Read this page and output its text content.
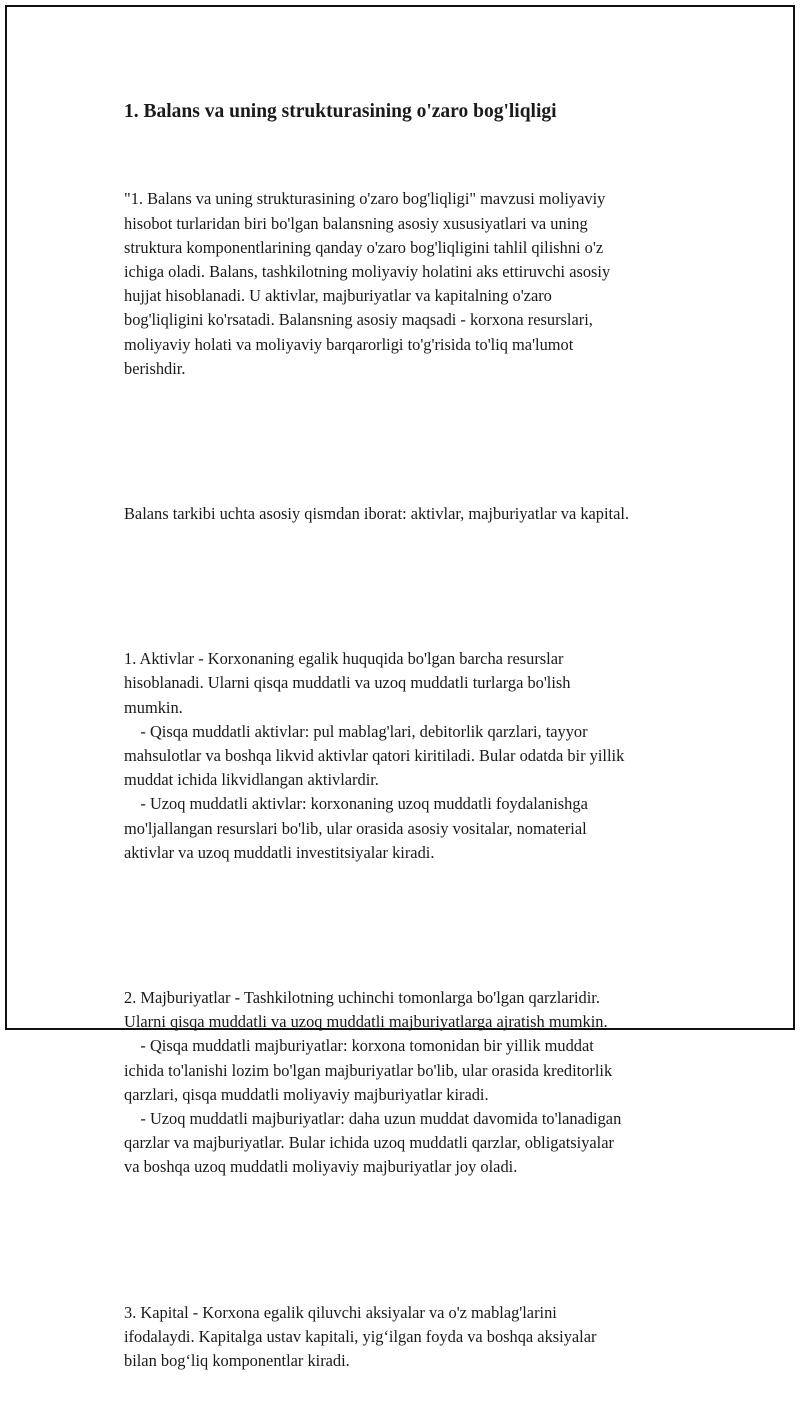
1. Balans va uning strukturasining o'zaro bog'liqligi

"1. Balans va uning strukturasining o'zaro bog'liqligi" mavzusi moliyaviy
hisobot turlaridan biri bo'lgan balansning asosiy xususiyatlari va uning
struktura komponentlarining qanday o'zaro bog'liqligini tahlil qilishni o'z
ichiga oladi. Balans, tashkilotning moliyaviy holatini aks ettiruvchi asosiy
hujjat hisoblanadi. U aktivlar, majburiyatlar va kapitalning o'zaro
bog'liqligini ko'rsatadi. Balansning asosiy maqsadi - korxona resurslari,
moliyaviy holati va moliyaviy barqarorligi to'g'risida to'liq ma'lumot
berishdir.

Balans tarkibi uchta asosiy qismdan iborat: aktivlar, majburiyatlar va kapital.

1. Aktivlar - Korxonaning egalik huquqida bo'lgan barcha resurslar
hisoblanadi. Ularni qisqa muddatli va uzoq muddatli turlarga bo'lish
mumkin.
- Qisqa muddatli aktivlar: pul mablag'lari, debitorlik qarzlari, tayyor
mahsulotlar va boshqa likvid aktivlar qatori kiritiladi. Bular odatda bir yillik
muddat ichida likvidlangan aktivlardir.
- Uzoq muddatli aktivlar: korxonaning uzoq muddatli foydalanishga
mo'ljallangan resurslari bo'lib, ular orasida asosiy vositalar, nomaterial
aktivlar va uzoq muddatli investitsiyalar kiradi.

2. Majburiyatlar - Tashkilotning uchinchi tomonlarga bo'lgan qarzlaridir.
Ularni qisqa muddatli va uzoq muddatli majburiyatlarga ajratish mumkin.
- Qisqa muddatli majburiyatlar: korxona tomonidan bir yillik muddat
ichida to'lanishi lozim bo'lgan majburiyatlar bo'lib, ular orasida kreditorlik
qarzlari, qisqa muddatli moliyaviy majburiyatlar kiradi.
- Uzoq muddatli majburiyatlar: daha uzun muddat davomida to'lanadigan
qarzlar va majburiyatlar. Bular ichida uzoq muddatli qarzlar, obligatsiyalar
va boshqa uzoq muddatli moliyaviy majburiyatlar joy oladi.

3. Kapital - Korxona egalik qiluvchi aksiyalar va o'z mablag'larini
ifodalaydi. Kapitalga ustav kapitali, yig‘ilgan foyda va boshqa aksiyalar
bilan bog‘liq komponentlar kiradi.
